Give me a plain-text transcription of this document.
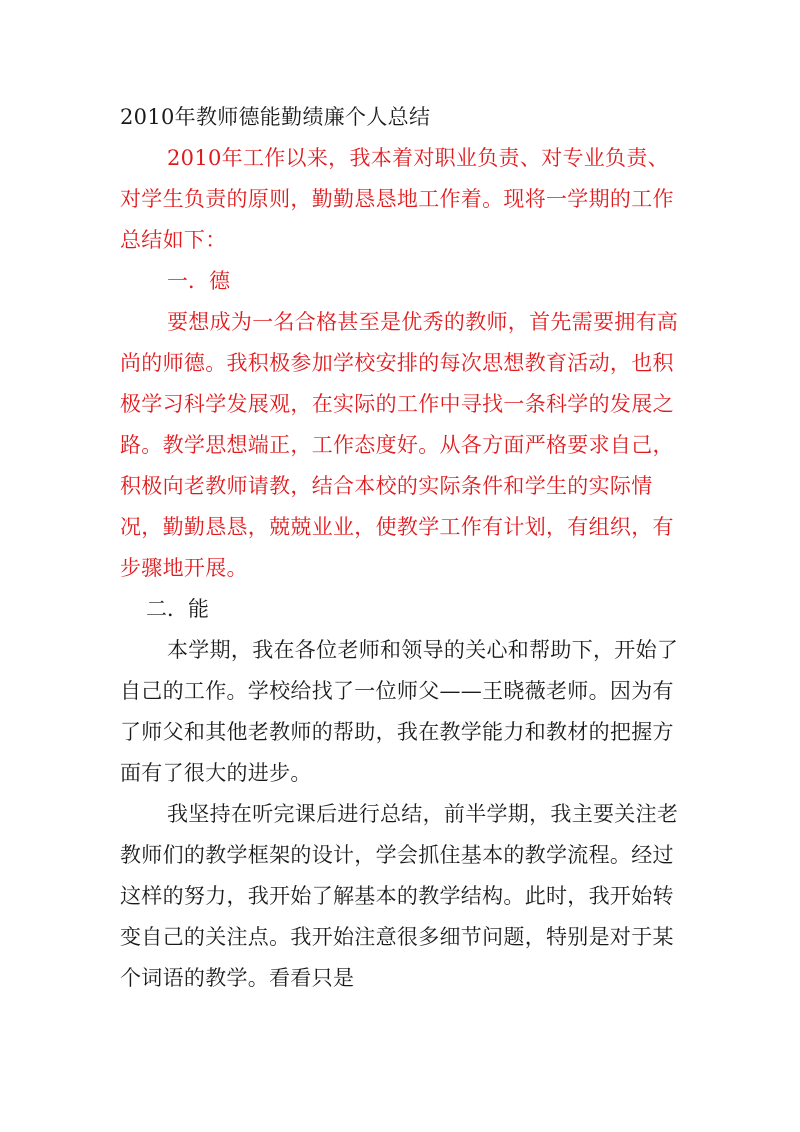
2010年教师德能勤绩廉个人总结

2010年工作以来，我本着对职业负责、对专业负责、对学生负责的原则，勤勤恳恳地工作着。现将一学期的工作总结如下：

一．德

要想成为一名合格甚至是优秀的教师，首先需要拥有高尚的师德。我积极参加学校安排的每次思想教育活动，也积极学习科学发展观，在实际的工作中寻找一条科学的发展之路。教学思想端正，工作态度好。从各方面严格要求自己，积极向老教师请教，结合本校的实际条件和学生的实际情况，勤勤恳恳，兢兢业业，使教学工作有计划，有组织，有步骤地开展。

二．能

本学期，我在各位老师和领导的关心和帮助下，开始了自己的工作。学校给找了一位师父——王晓薇老师。因为有了师父和其他老教师的帮助，我在教学能力和教材的把握方面有了很大的进步。

我坚持在听完课后进行总结，前半学期，我主要关注老教师们的教学框架的设计，学会抓住基本的教学流程。经过这样的努力，我开始了解基本的教学结构。此时，我开始转变自己的关注点。我开始注意很多细节问题，特别是对于某个词语的教学。看看只是
